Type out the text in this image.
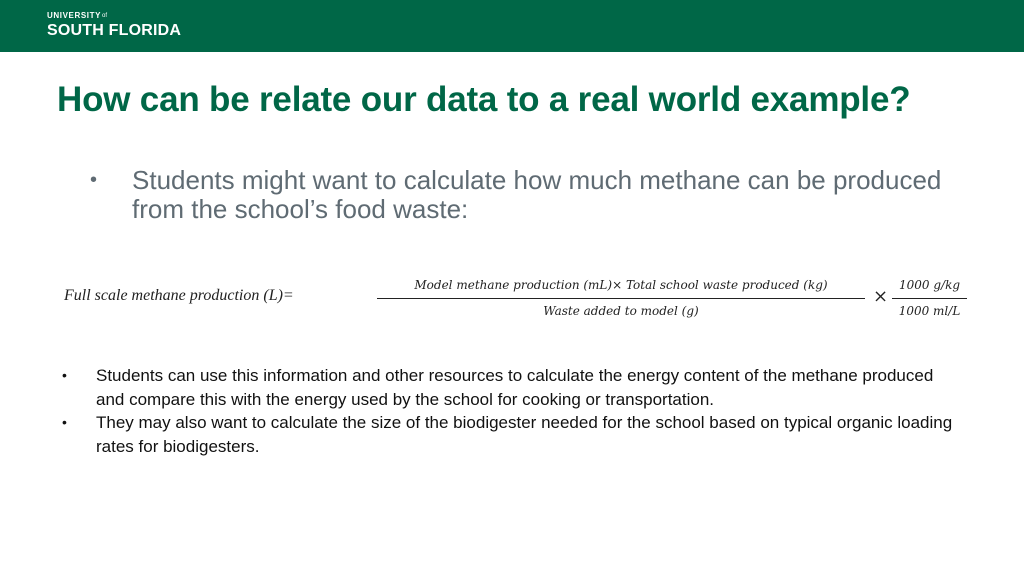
UNIVERSITYof
SOUTH FLORIDA
How can be relate our data to a real world example?
• Students might want to calculate how much methane can be produced from the school’s food waste:
Full scale methane production (L)=
Model methane production (mL)× Total school waste produced (kg)
Waste added to model (g)
× $\frac{1000 g/kg}{1000 ml/L}$
• Students can use this information and other resources to calculate the energy content of the methane produced and compare this with the energy used by the school for cooking or transportation.
• They may also want to calculate the size of the biodigester needed for the school based on typical organic loading rates for biodigesters.
